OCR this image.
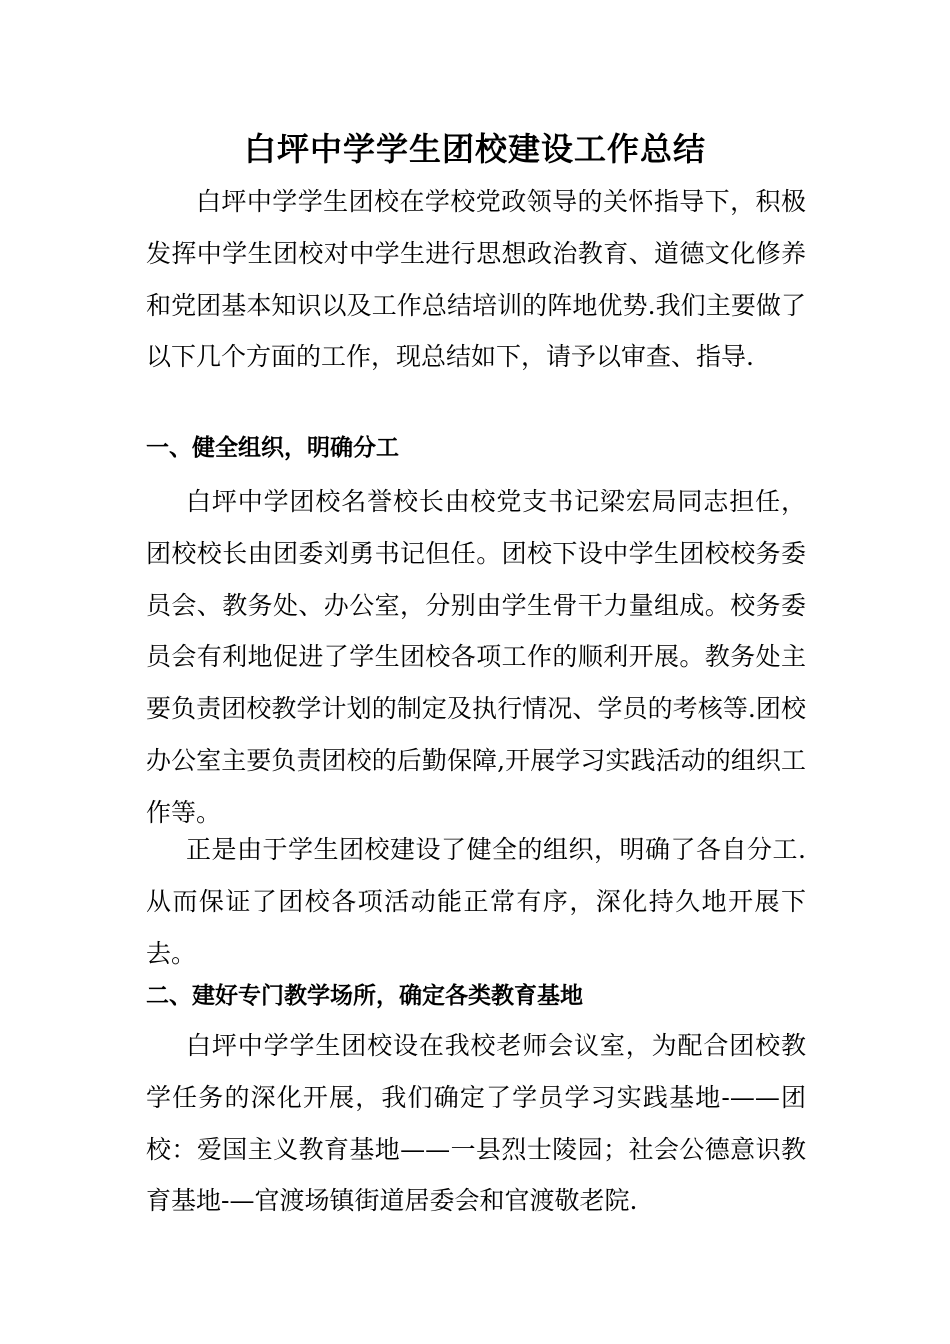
白坪中学学生团校建设工作总结

白坪中学学生团校在学校党政领导的关怀指导下，积极发挥中学生团校对中学生进行思想政治教育、道德文化修养和党团基本知识以及工作总结培训的阵地优势.我们主要做了以下几个方面的工作，现总结如下，请予以审查、指导.

一、健全组织，明确分工

白坪中学团校名誉校长由校党支书记梁宏局同志担任，团校校长由团委刘勇书记但任。团校下设中学生团校校务委员会、教务处、办公室，分别由学生骨干力量组成。校务委员会有利地促进了学生团校各项工作的顺利开展。教务处主要负责团校教学计划的制定及执行情况、学员的考核等.团校办公室主要负责团校的后勤保障,开展学习实践活动的组织工作等。

正是由于学生团校建设了健全的组织，明确了各自分工.从而保证了团校各项活动能正常有序，深化持久地开展下去。

二、建好专门教学场所，确定各类教育基地

白坪中学学生团校设在我校老师会议室，为配合团校教学任务的深化开展，我们确定了学员学习实践基地-——团校：爱国主义教育基地——一县烈士陵园；社会公德意识教育基地-—官渡场镇街道居委会和官渡敬老院.
